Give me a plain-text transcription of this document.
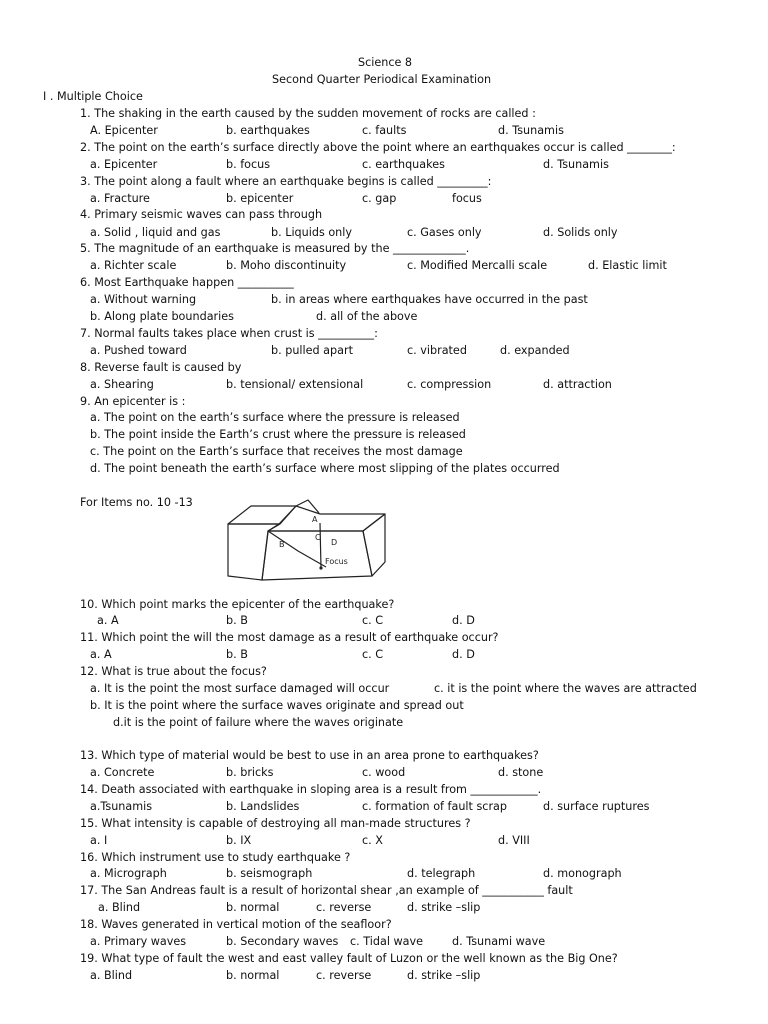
Science 8
Second Quarter Periodical Examination
I . Multiple Choice
1. The shaking in the earth caused by the sudden movement of rocks are called :
A. Epicenter	b. earthquakes	c. faults	d. Tsunamis
2. The point on the earth’s surface directly above the point where an earthquakes occur is called ________:
a. Epicenter	b. focus	c. earthquakes	d. Tsunamis
3. The point along a fault where an earthquake begins is called _________:
a. Fracture	b. epicenter	c. gap	focus
4. Primary seismic waves can pass through
a. Solid , liquid and gas	b. Liquids only	c. Gases only	d. Solids only
5. The magnitude of an earthquake is measured by the _____________.
a. Richter scale	b. Moho discontinuity	c. Modified Mercalli scale	d. Elastic limit
6. Most Earthquake happen __________
a. Without warning	b. in areas where earthquakes have occurred in the past
b. Along plate boundaries	d. all of the above
7. Normal faults takes place when crust is __________:
a. Pushed toward	b. pulled apart	c. vibrated	d. expanded
8. Reverse fault is caused by
a. Shearing	b. tensional/ extensional	c. compression	d. attraction
9. An epicenter is :
a. The point on the earth’s surface where the pressure is released
b. The point inside the Earth’s crust where the pressure is released
c. The point on the Earth’s surface that receives the most damage
d. The point beneath the earth’s surface where most slipping of the plates occurred
For Items no. 10 -13
A
B
C
D
Focus
10. Which point marks the epicenter of the earthquake?
a. A	b. B	c. C	d. D
11. Which point the will the most damage as a result of earthquake occur?
a. A	b. B	c. C	d. D
12. What is true about the focus?
a. It is the point the most surface damaged will occur	c. it is the point where the waves are attracted
b. It is the point where the surface waves originate and spread out
d.it is the point of failure where the waves originate
13. Which type of material would be best to use in an area prone to earthquakes?
a. Concrete	b. bricks	c. wood	d. stone
14. Death associated with earthquake in sloping area is a result from ____________.
a.Tsunamis	b. Landslides	c. formation of fault scrap	d. surface ruptures
15. What intensity is capable of destroying all man-made structures ?
a. I	b. IX	c. X	d. VIII
16. Which instrument use to study earthquake ?
a. Micrograph	b. seismograph	d. telegraph	d. monograph
17. The San Andreas fault is a result of horizontal shear ,an example of ___________ fault
a. Blind	b. normal	c. reverse	d. strike –slip
18. Waves generated in vertical motion of the seafloor?
a. Primary waves	b. Secondary waves c. Tidal wave	d. Tsunami wave
19. What type of fault the west and east valley fault of Luzon or the well known as the Big One?
a. Blind	b. normal	c. reverse	d. strike –slip
